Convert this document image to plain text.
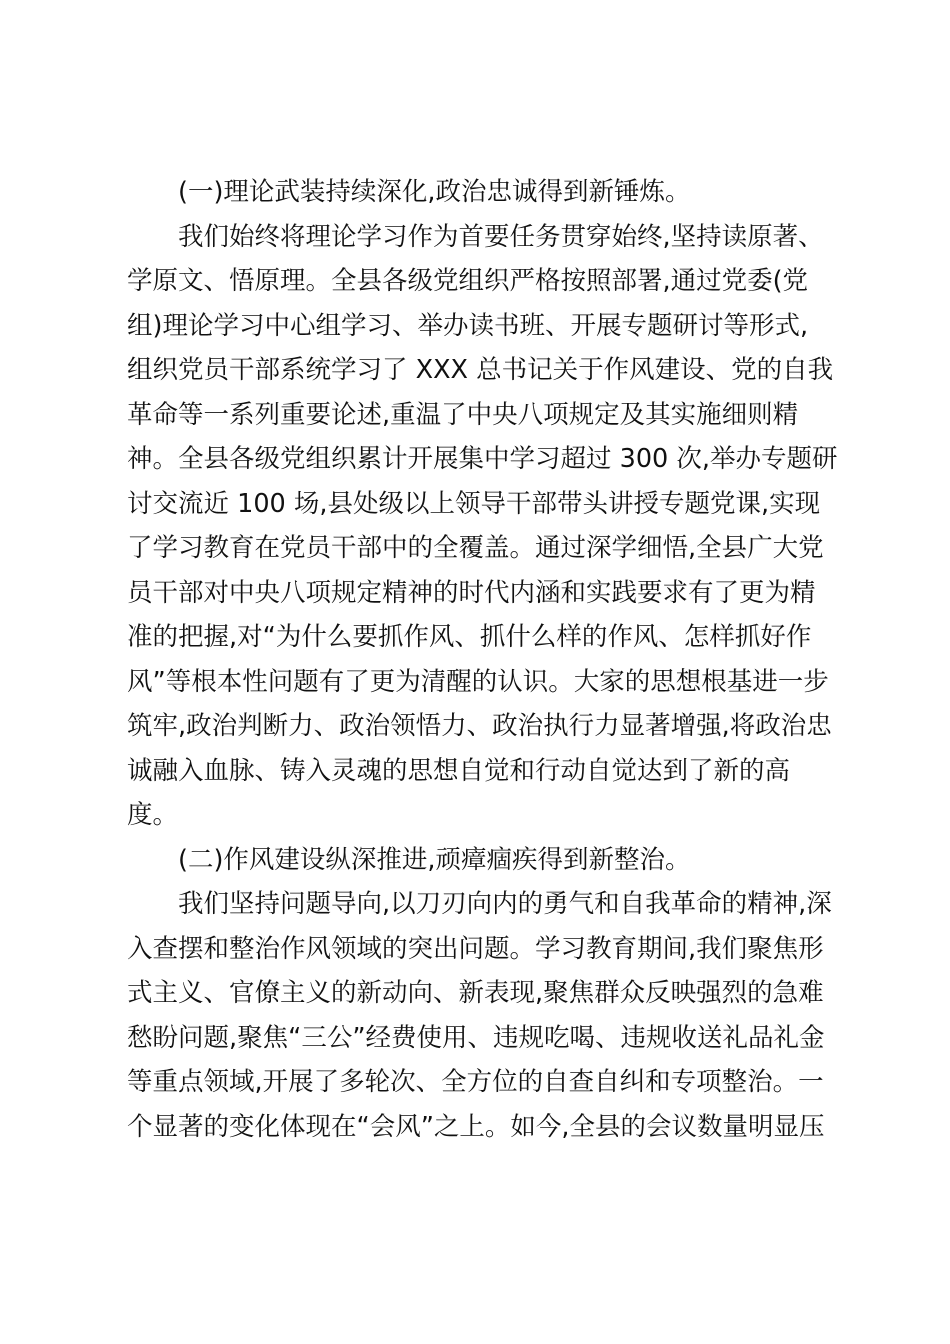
(一)理论武装持续深化,政治忠诚得到新锤炼。
我们始终将理论学习作为首要任务贯穿始终,坚持读原著、
学原文、悟原理。全县各级党组织严格按照部署,通过党委(党
组)理论学习中心组学习、举办读书班、开展专题研讨等形式,
组织党员干部系统学习了 XXX 总书记关于作风建设、党的自我
革命等一系列重要论述,重温了中央八项规定及其实施细则精
神。全县各级党组织累计开展集中学习超过 300 次,举办专题研
讨交流近 100 场,县处级以上领导干部带头讲授专题党课,实现
了学习教育在党员干部中的全覆盖。通过深学细悟,全县广大党
员干部对中央八项规定精神的时代内涵和实践要求有了更为精
准的把握,对“为什么要抓作风、抓什么样的作风、怎样抓好作
风”等根本性问题有了更为清醒的认识。大家的思想根基进一步
筑牢,政治判断力、政治领悟力、政治执行力显著增强,将政治忠
诚融入血脉、铸入灵魂的思想自觉和行动自觉达到了新的高
度。
(二)作风建设纵深推进,顽瘴痼疾得到新整治。
我们坚持问题导向,以刀刃向内的勇气和自我革命的精神,深
入查摆和整治作风领域的突出问题。学习教育期间,我们聚焦形
式主义、官僚主义的新动向、新表现,聚焦群众反映强烈的急难
愁盼问题,聚焦“三公”经费使用、违规吃喝、违规收送礼品礼金
等重点领域,开展了多轮次、全方位的自查自纠和专项整治。一
个显著的变化体现在“会风”之上。如今,全县的会议数量明显压
